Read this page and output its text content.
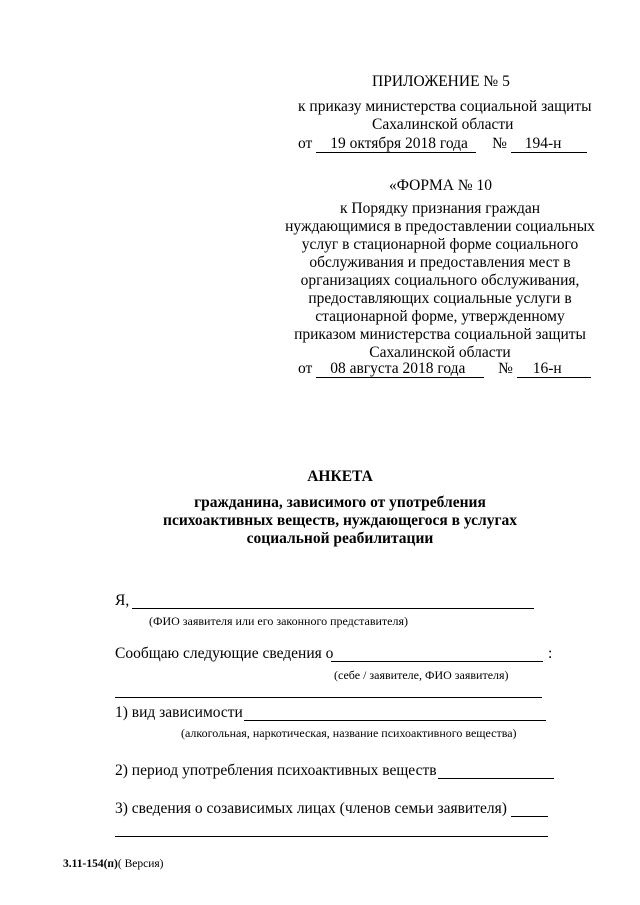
ПРИЛОЖЕНИЕ № 5
к приказу министерства социальной защиты
Сахалинской области
от 19 октября 2018 года № 194-н
«ФОРМА № 10
к Порядку признания граждан
нуждающимися в предоставлении социальных
услуг в стационарной форме социального
обслуживания и предоставления мест в
организациях социального обслуживания,
предоставляющих социальные услуги в
стационарной форме, утвержденному
приказом министерства социальной защиты
Сахалинской области
от 08 августа 2018 года № 16-н
АНКЕТА
гражданина, зависимого от употребления
психоактивных веществ, нуждающегося в услугах
социальной реабилитации
Я,
(ФИО заявителя или его законного представителя)
Сообщаю следующие сведения о	:
(себе / заявителе, ФИО заявителя)
1) вид зависимости
(алкогольная, наркотическая, название психоактивного вещества)
2) период употребления психоактивных веществ
3) сведения о созависимых лицах (членов семьи заявителя)
3.11-154(п)( Версия)
